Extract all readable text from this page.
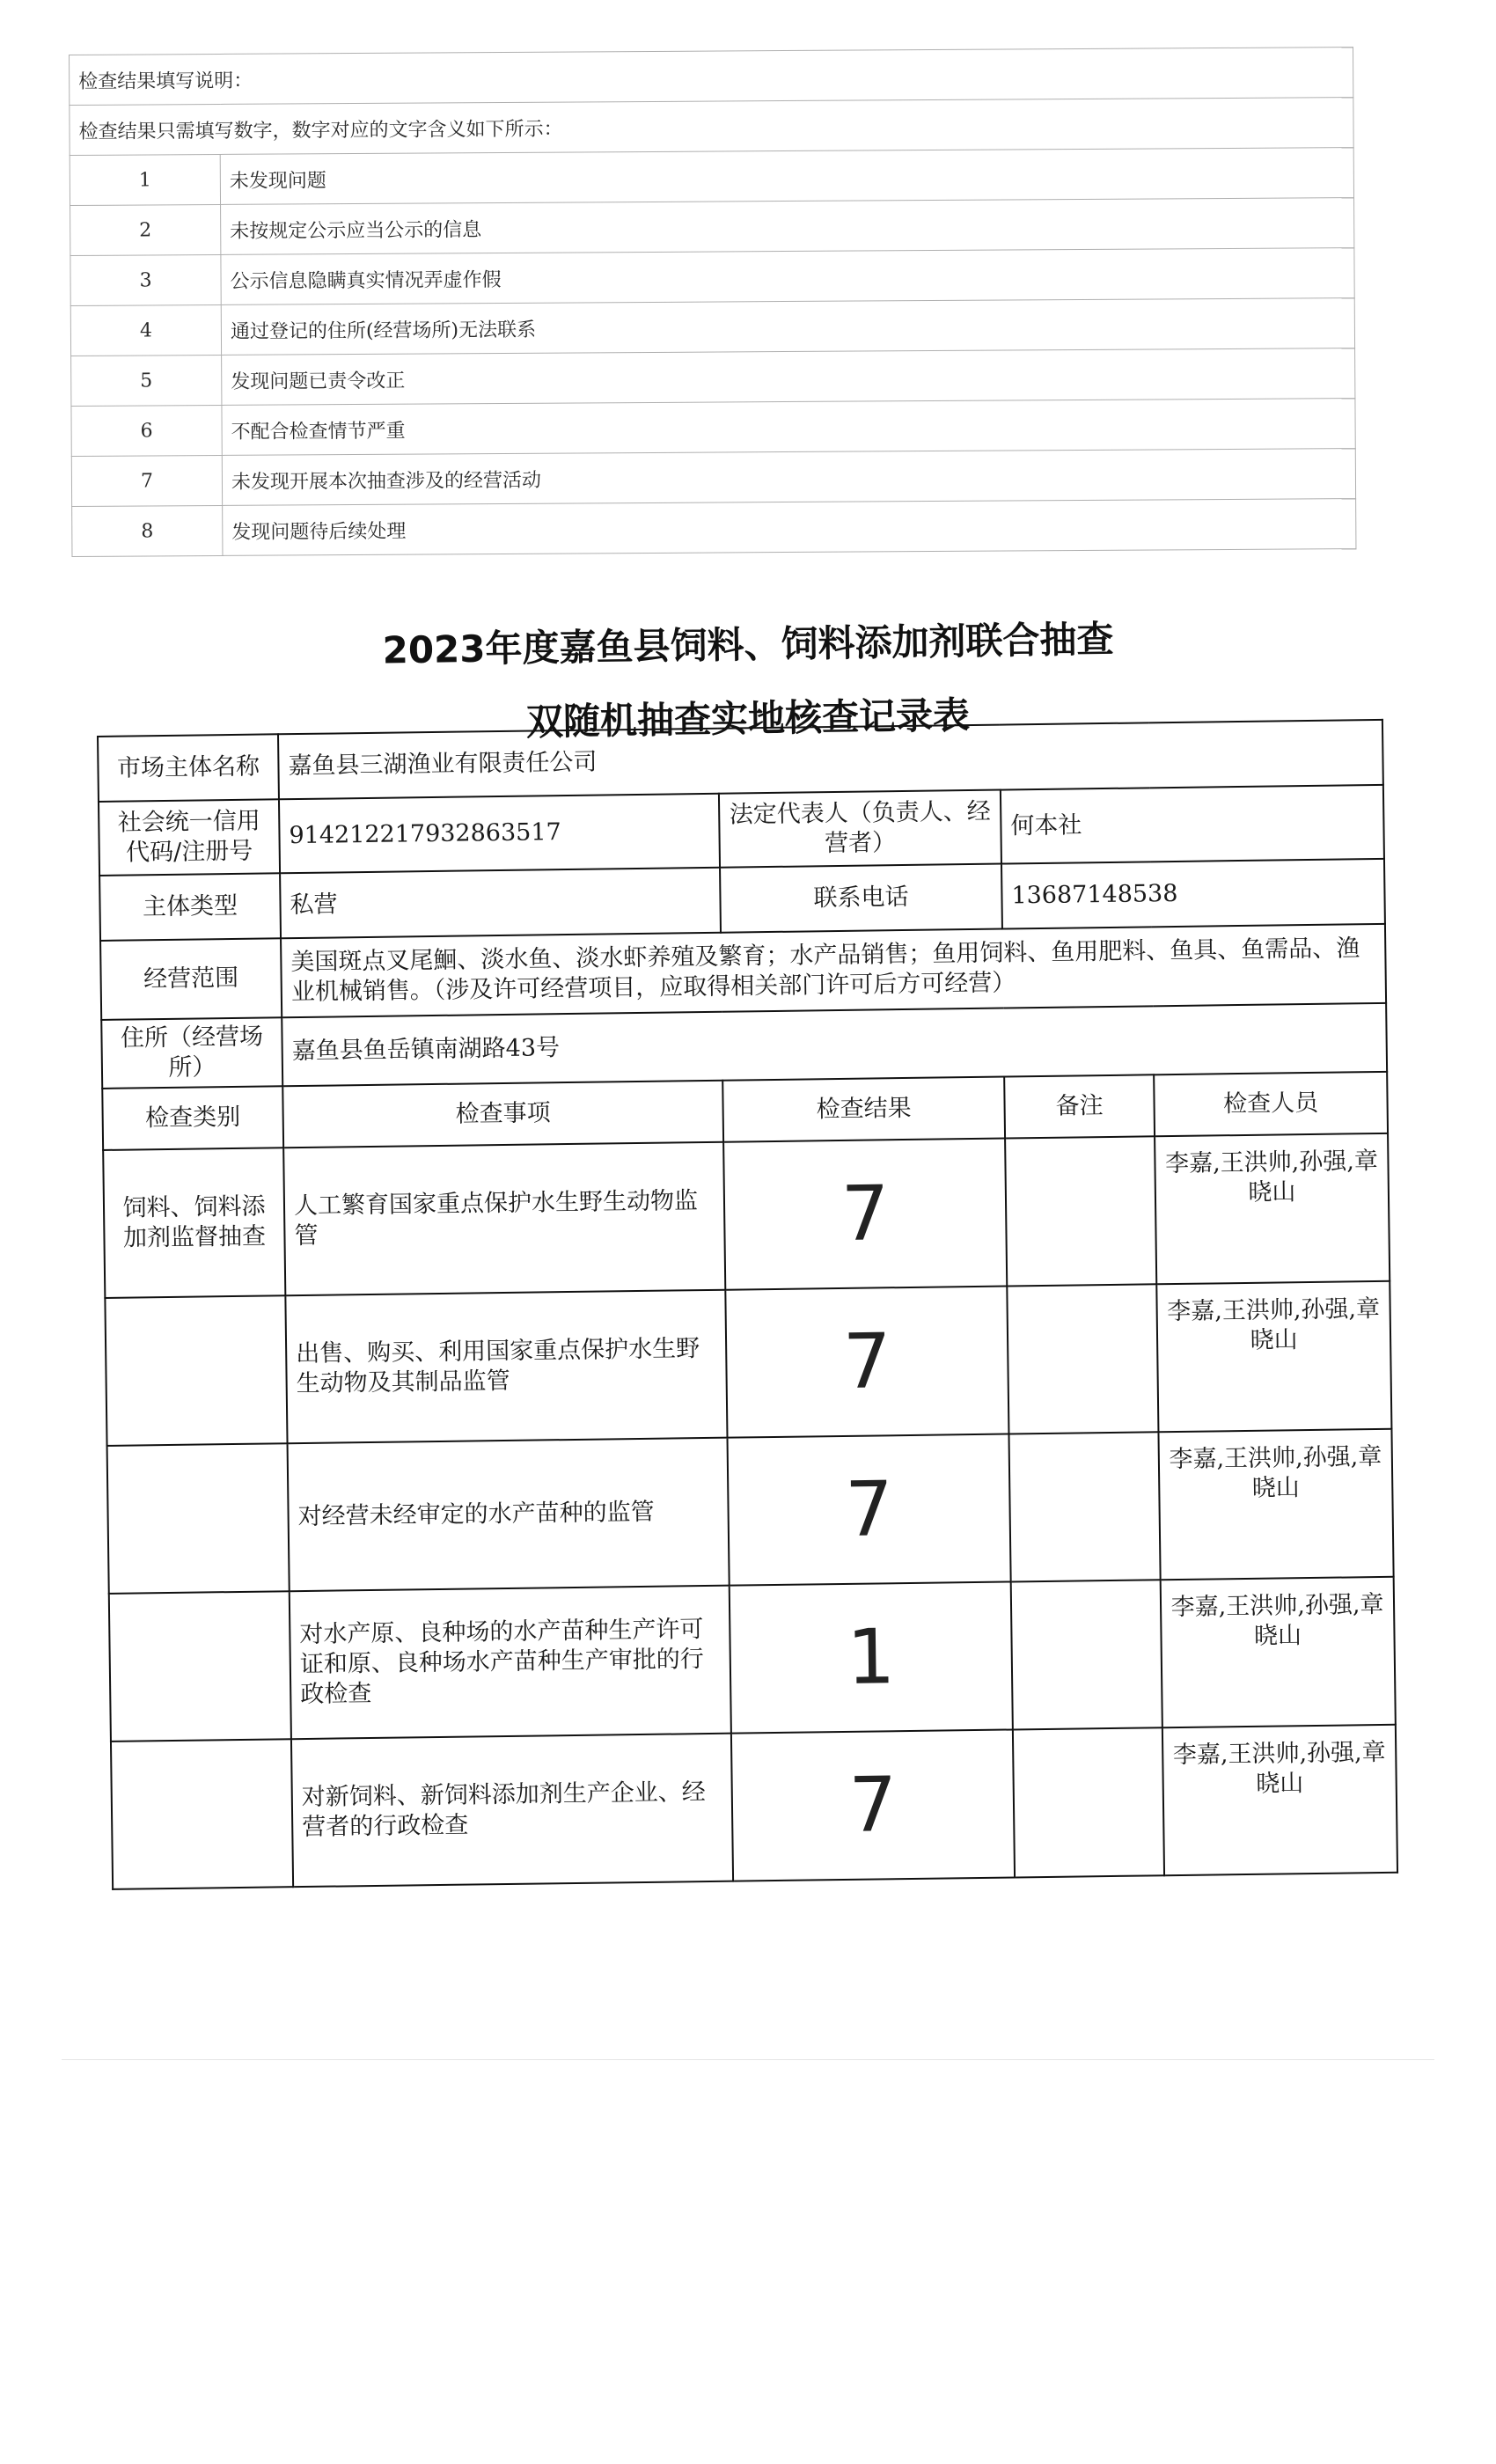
检查结果填写说明：	
检查结果只需填写数字，数字对应的文字含义如下所示：	
1	未发现问题
2	未按规定公示应当公示的信息
3	公示信息隐瞒真实情况弄虚作假
4	通过登记的住所(经营场所)无法联系
5	发现问题已责令改正
6	不配合检查情节严重
7	未发现开展本次抽查涉及的经营活动
8	发现问题待后续处理
2023年度嘉鱼县饲料、饲料添加剂联合抽查
双随机抽查实地核查记录表
市场主体名称	嘉鱼县三湖渔业有限责任公司			
社会统一信用代码/注册号	914212217932863517	法定代表人（负责人、经营者）	何本社	
主体类型	私营	联系电话	13687148538	
经营范围	美国斑点叉尾鮰、淡水鱼、淡水虾养殖及繁育；水产品销售；鱼用饲料、鱼用肥料、鱼具、鱼需品、渔业机械销售。（涉及许可经营项目，应取得相关部门许可后方可经营）			
住所（经营场所）	嘉鱼县鱼岳镇南湖路43号			
检查类别	检查事项	检查结果	备注	检查人员
饲料、饲料添加剂监督抽查	人工繁育国家重点保护水生野生动物监管	7		李嘉,王洪帅,孙强,章晓山
	出售、购买、利用国家重点保护水生野生动物及其制品监管	7		李嘉,王洪帅,孙强,章晓山
	对经营未经审定的水产苗种的监管	7		李嘉,王洪帅,孙强,章晓山
	对水产原、良种场的水产苗种生产许可证和原、良种场水产苗种生产审批的行政检查	1		李嘉,王洪帅,孙强,章晓山
	对新饲料、新饲料添加剂生产企业、经营者的行政检查	7		李嘉,王洪帅,孙强,章晓山
